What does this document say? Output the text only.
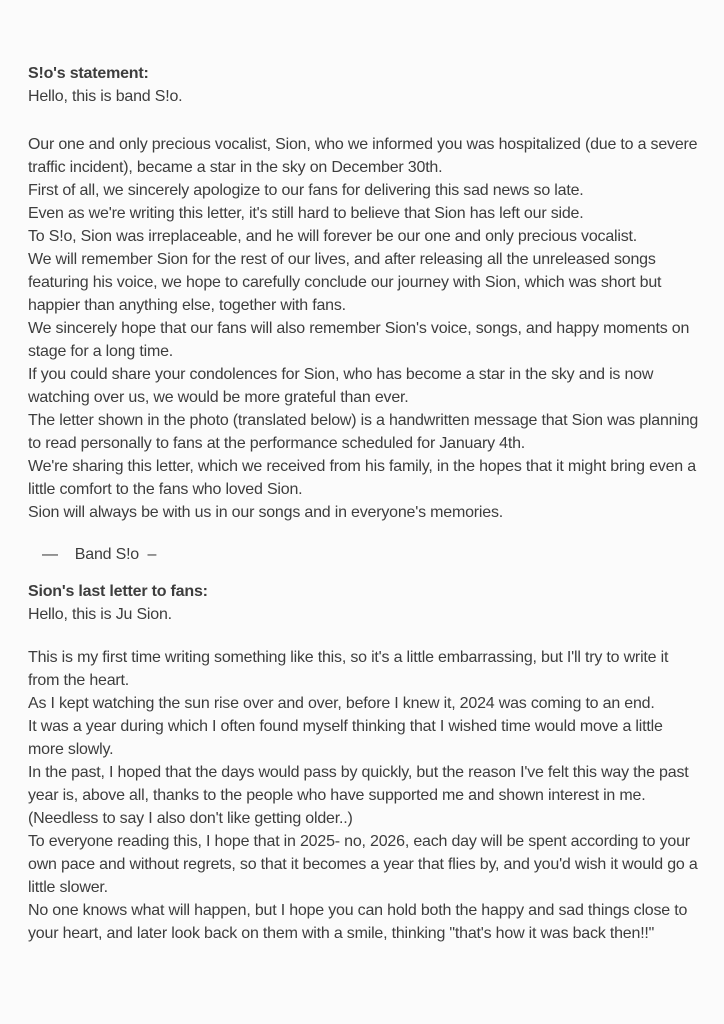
S!o's statement:

Hello, this is band S!o.

Our one and only precious vocalist, Sion, who we informed you was hospitalized (due to a severe traffic incident), became a star in the sky on December 30th.

First of all, we sincerely apologize to our fans for delivering this sad news so late.

Even as we're writing this letter, it's still hard to believe that Sion has left our side.

To S!o, Sion was irreplaceable, and he will forever be our one and only precious vocalist.

We will remember Sion for the rest of our lives, and after releasing all the unreleased songs featuring his voice, we hope to carefully conclude our journey with Sion, which was short but happier than anything else, together with fans.

We sincerely hope that our fans will also remember Sion's voice, songs, and happy moments on stage for a long time.

If you could share your condolences for Sion, who has become a star in the sky and is now watching over us, we would be more grateful than ever.

The letter shown in the photo (translated below) is a handwritten message that Sion was planning to read personally to fans at the performance scheduled for January 4th.

We're sharing this letter, which we received from his family, in the hopes that it might bring even a little comfort to the fans who loved Sion.

Sion will always be with us in our songs and in everyone's memories.

—    Band S!o  –

Sion's last letter to fans:

Hello, this is Ju Sion.

This is my first time writing something like this, so it's a little embarrassing, but I'll try to write it from the heart.

As I kept watching the sun rise over and over, before I knew it, 2024 was coming to an end.

It was a year during which I often found myself thinking that I wished time would move a little more slowly.

In the past, I hoped that the days would pass by quickly, but the reason I've felt this way the past year is, above all, thanks to the people who have supported me and shown interest in me.

(Needless to say I also don't like getting older..)

To everyone reading this, I hope that in 2025- no, 2026, each day will be spent according to your own pace and without regrets, so that it becomes a year that flies by, and you'd wish it would go a little slower.

No one knows what will happen, but I hope you can hold both the happy and sad things close to your heart, and later look back on them with a smile, thinking "that's how it was back then!!"
